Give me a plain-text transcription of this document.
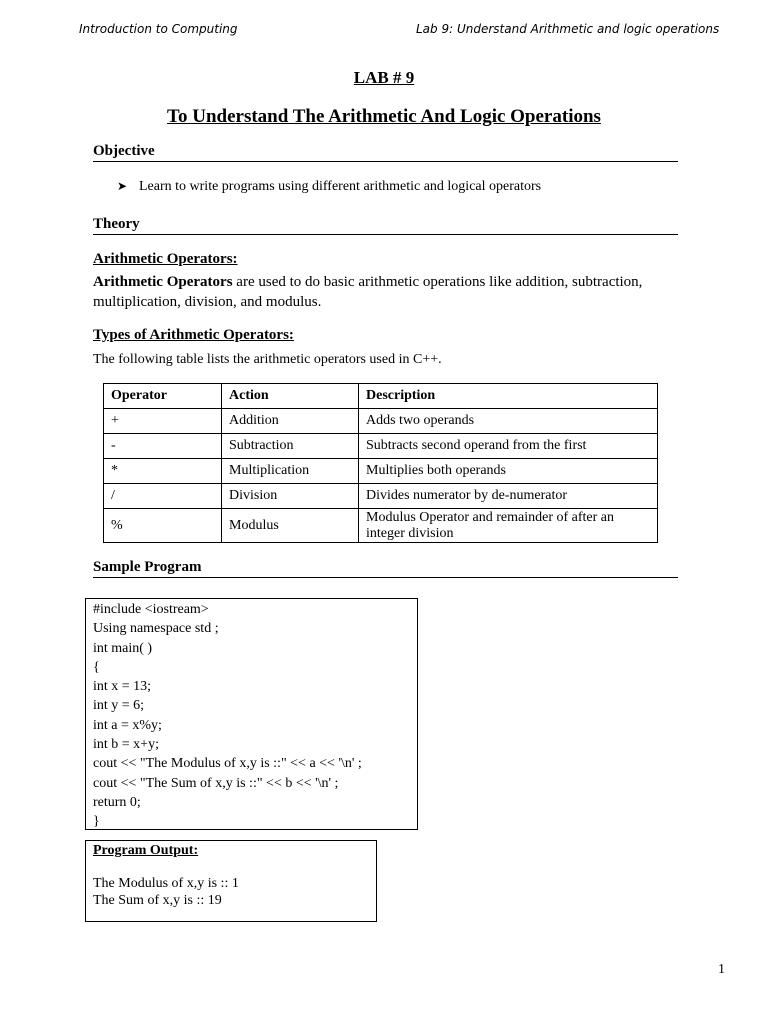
Introduction to Computing	Lab 9: Understand Arithmetic and logic operations
LAB # 9
To Understand The Arithmetic And Logic Operations
Objective
➤ Learn to write programs using different arithmetic and logical operators
Theory
Arithmetic Operators:
Arithmetic Operators are used to do basic arithmetic operations like addition, subtraction, multiplication, division, and modulus.
Types of Arithmetic Operators:
The following table lists the arithmetic operators used in C++.
Operator	Action	Description
+	Addition	Adds two operands
-	Subtraction	Subtracts second operand from the first
*	Multiplication	Multiplies both operands
/	Division	Divides numerator by de-numerator
%	Modulus	Modulus Operator and remainder of after an integer division
Sample Program
#include <iostream>
Using namespace std ;
int main( )
{
int x = 13;
int y = 6;
int a = x%y;
int b = x+y;
cout << "The Modulus of x,y is ::" << a << '\n' ;
cout << "The Sum of x,y is ::" << b << '\n' ;
return 0;
}
Program Output:
The Modulus of x,y is :: 1
The Sum of x,y is :: 19
1
